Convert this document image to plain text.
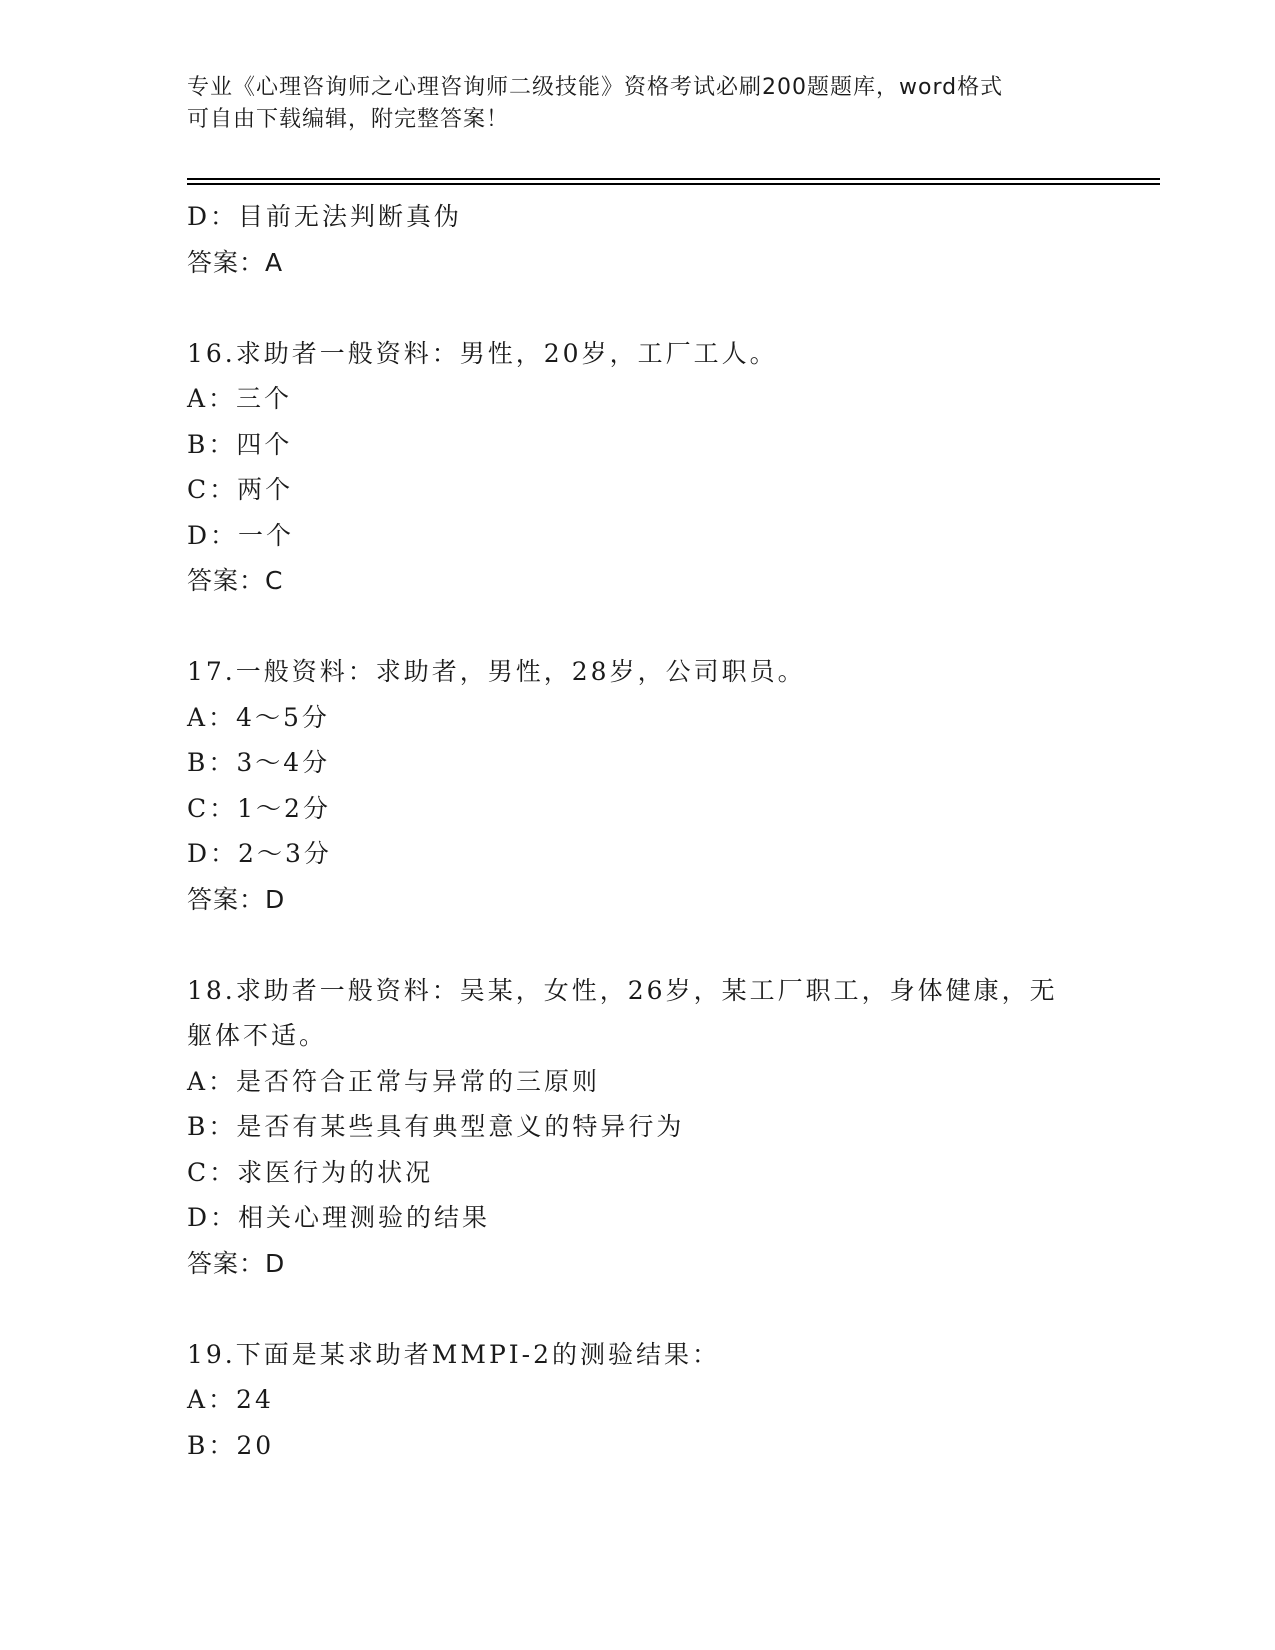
专业《心理咨询师之心理咨询师二级技能》资格考试必刷200题题库，word格式
可自由下载编辑，附完整答案！
D：目前无法判断真伪
答案：A
16.求助者一般资料：男性，20岁，工厂工人。
A：三个
B：四个
C：两个
D：一个
答案：C
17.一般资料：求助者，男性，28岁，公司职员。
A：4～5分
B：3～4分
C：1～2分
D：2～3分
答案：D
18.求助者一般资料：吴某，女性，26岁，某工厂职工，身体健康，无
躯体不适。
A：是否符合正常与异常的三原则
B：是否有某些具有典型意义的特异行为
C：求医行为的状况
D：相关心理测验的结果
答案：D
19.下面是某求助者MMPI-2的测验结果：
A：24
B：20
